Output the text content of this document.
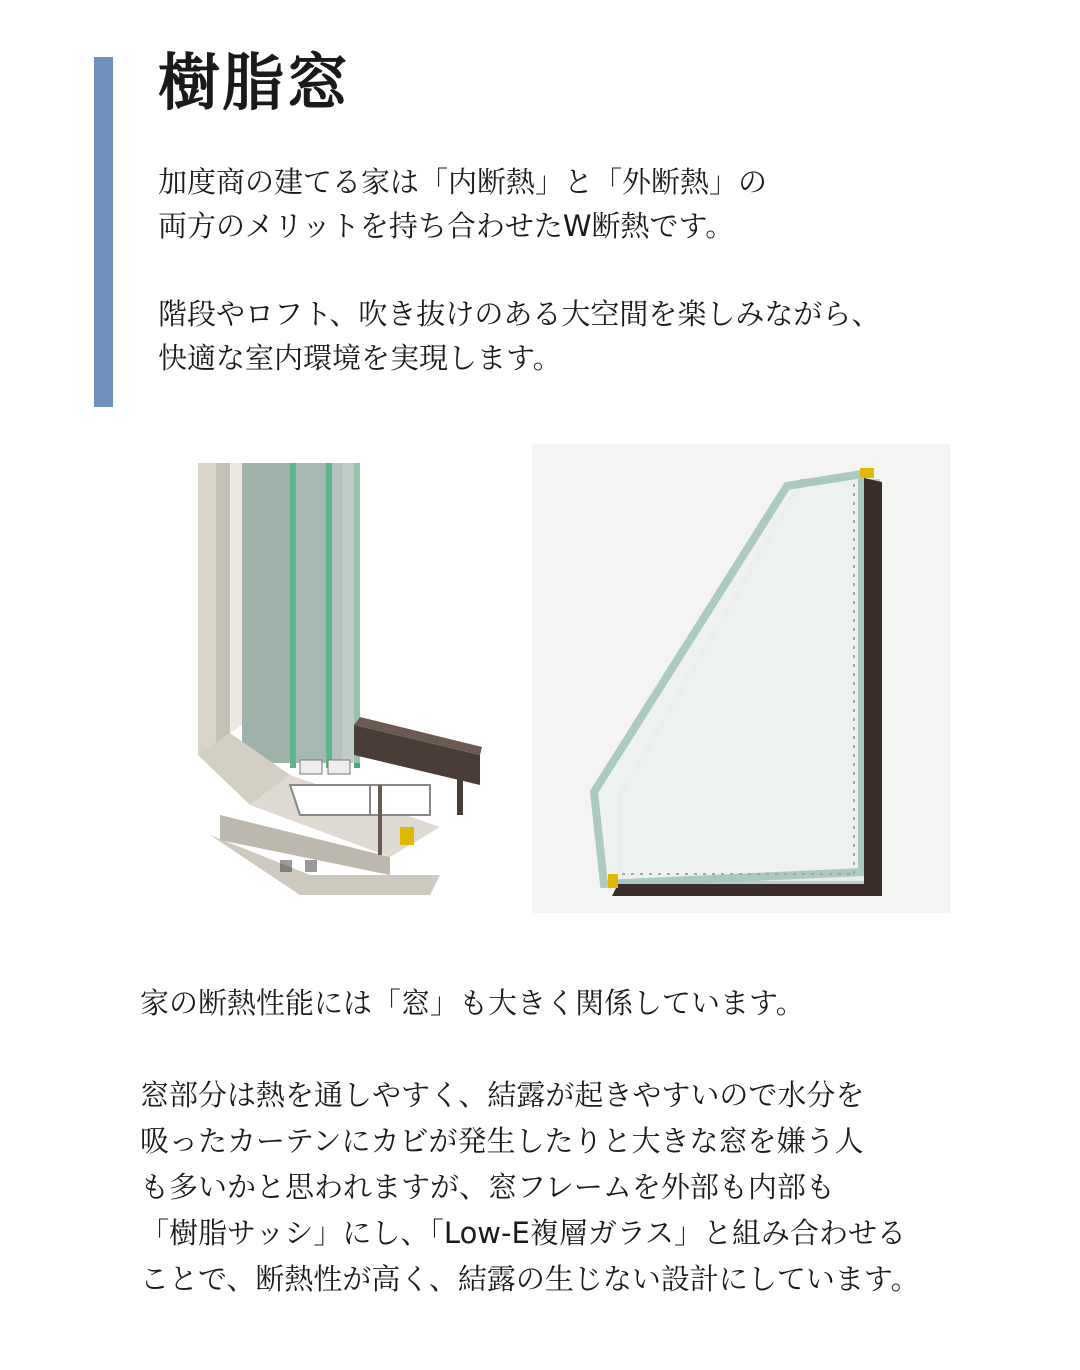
樹脂窓

加度商の建てる家は「内断熱」と「外断熱」の
両方のメリットを持ち合わせたW断熱です。

階段やロフト、吹き抜けのある大空間を楽しみながら、
快適な室内環境を実現します。

家の断熱性能には「窓」も大きく関係しています。

窓部分は熱を通しやすく、結露が起きやすいので水分を
吸ったカーテンにカビが発生したりと大きな窓を嫌う人
も多いかと思われますが、窓フレームを外部も内部も
「樹脂サッシ」にし、「Low-E複層ガラス」と組み合わせる
ことで、断熱性が高く、結露の生じない設計にしています。
